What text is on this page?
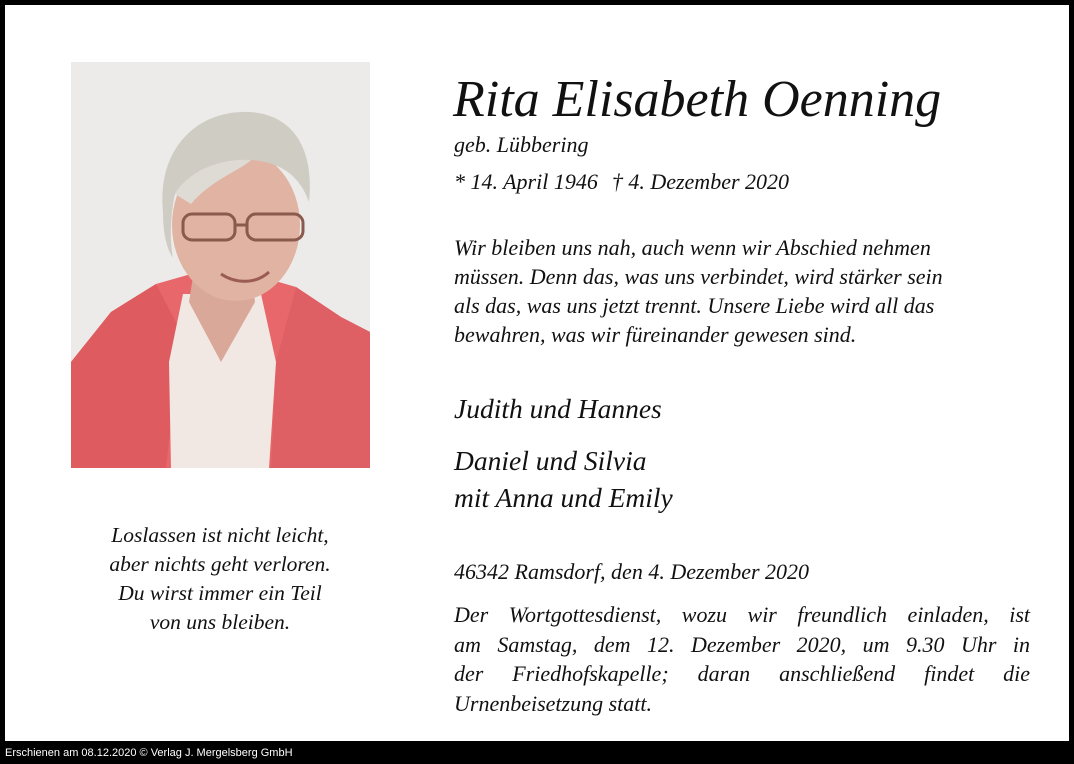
Loslassen ist nicht leicht,
aber nichts geht verloren.
Du wirst immer ein Teil
von uns bleiben.
Rita Elisabeth Oenning
geb. Lübbering
* 14. April 1946 † 4. Dezember 2020
Wir bleiben uns nah, auch wenn wir Abschied nehmen
müssen. Denn das, was uns verbindet, wird stärker sein
als das, was uns jetzt trennt. Unsere Liebe wird all das
bewahren, was wir füreinander gewesen sind.
Judith und Hannes
Daniel und Silvia
mit Anna und Emily
46342 Ramsdorf, den 4. Dezember 2020
Der Wortgottesdienst, wozu wir freundlich einladen, ist
am Samstag, dem 12. Dezember 2020, um 9.30 Uhr in
der Friedhofskapelle; daran anschließend findet die
Urnenbeisetzung statt.
Erschienen am 08.12.2020 © Verlag J. Mergelsberg GmbH
